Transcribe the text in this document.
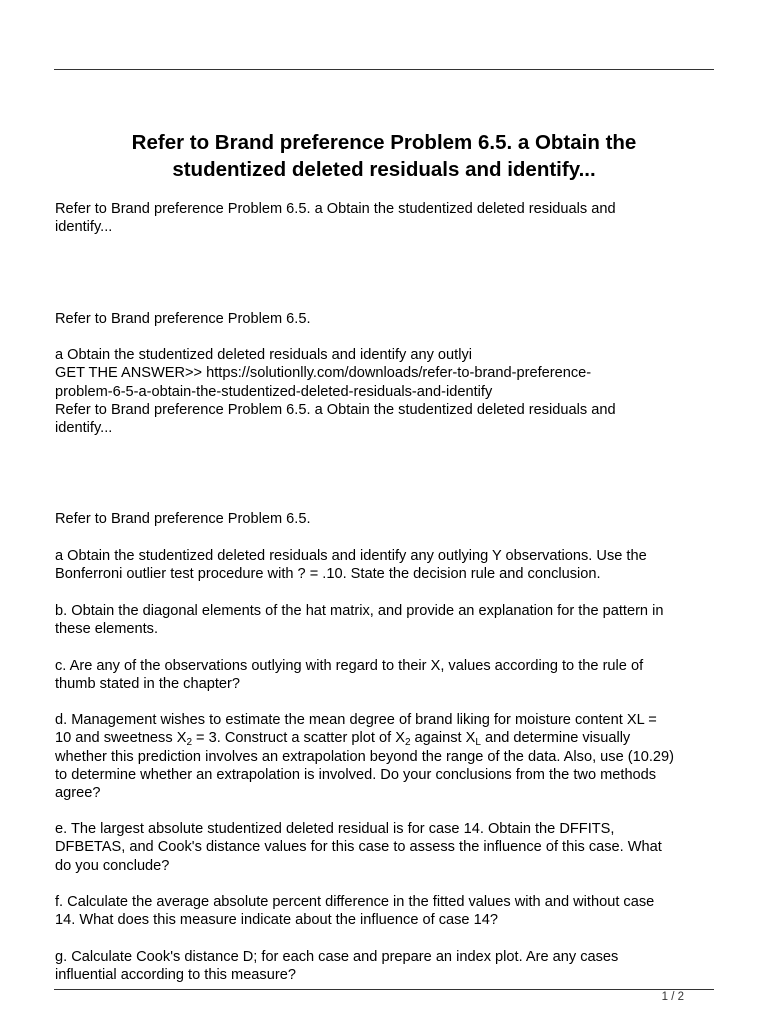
Refer to Brand preference Problem 6.5. a Obtain the
studentized deleted residuals and identify...
Refer to Brand preference Problem 6.5. a Obtain the studentized deleted residuals and
identify...
Refer to Brand preference Problem 6.5.
a Obtain the studentized deleted residuals and identify any outlyi
GET THE ANSWER>> https://solutionlly.com/downloads/refer-to-brand-preference-
problem-6-5-a-obtain-the-studentized-deleted-residuals-and-identify
Refer to Brand preference Problem 6.5. a Obtain the studentized deleted residuals and
identify...
Refer to Brand preference Problem 6.5.
a Obtain the studentized deleted residuals and identify any outlying Y observations. Use the
Bonferroni outlier test procedure with ? = .10. State the decision rule and conclusion.
b. Obtain the diagonal elements of the hat matrix, and provide an explanation for the pattern in
these elements.
c. Are any of the observations outlying with regard to their X, values according to the rule of
thumb stated in the chapter?
d. Management wishes to estimate the mean degree of brand liking for moisture content XL =
10 and sweetness $X_2 = 3$. Construct a scatter plot of $X_2$ against $X_L$ and determine visually
whether this prediction involves an extrapolation beyond the range of the data. Also, use (10.29)
to determine whether an extrapolation is involved. Do your conclusions from the two methods
agree?
e. The largest absolute studentized deleted residual is for case 14. Obtain the DFFITS,
DFBETAS, and Cook's distance values for this case to assess the influence of this case. What
do you conclude?
f. Calculate the average absolute percent difference in the fitted values with and without case
14. What does this measure indicate about the influence of case 14?
g. Calculate Cook's distance D; for each case and prepare an index plot. Are any cases
influential according to this measure?
1 / 2
